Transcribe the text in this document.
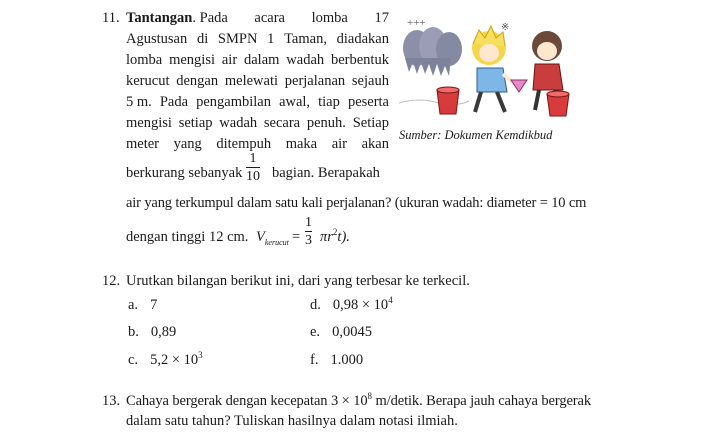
11. Tantangan. Pada acara lomba 17
Agustusan di SMPN 1 Taman, diadakan
lomba mengisi air dalam wadah berbentuk
kerucut dengan melewati perjalanan sejauh
5 m. Pada pengambilan awal, tiap peserta
mengisi setiap wadah secara penuh. Setiap
meter yang ditempuh maka air akan
berkurang sebanyak
1
10 bagian. Berapakah
air yang terkumpul dalam satu kali perjalanan? (ukuran wadah: diameter = 10 cm
dengan tinggi 12 cm. $V_{kerucut}$ =
1
3 $\pi r^2t$).
+++	※
Sumber: Dokumen Kemdikbud
12. Urutkan bilangan berikut ini, dari yang terbesar ke terkecil.
a. 7
b. 0,89
c. $5,2 \times 10^3$
d. $0,98 \times 10^4$
e. 0,0045
f. 1.000
13. Cahaya bergerak dengan kecepatan $3 \times 10^8$ m/detik. Berapa jauh cahaya bergerak
dalam satu tahun? Tuliskan hasilnya dalam notasi ilmiah.
